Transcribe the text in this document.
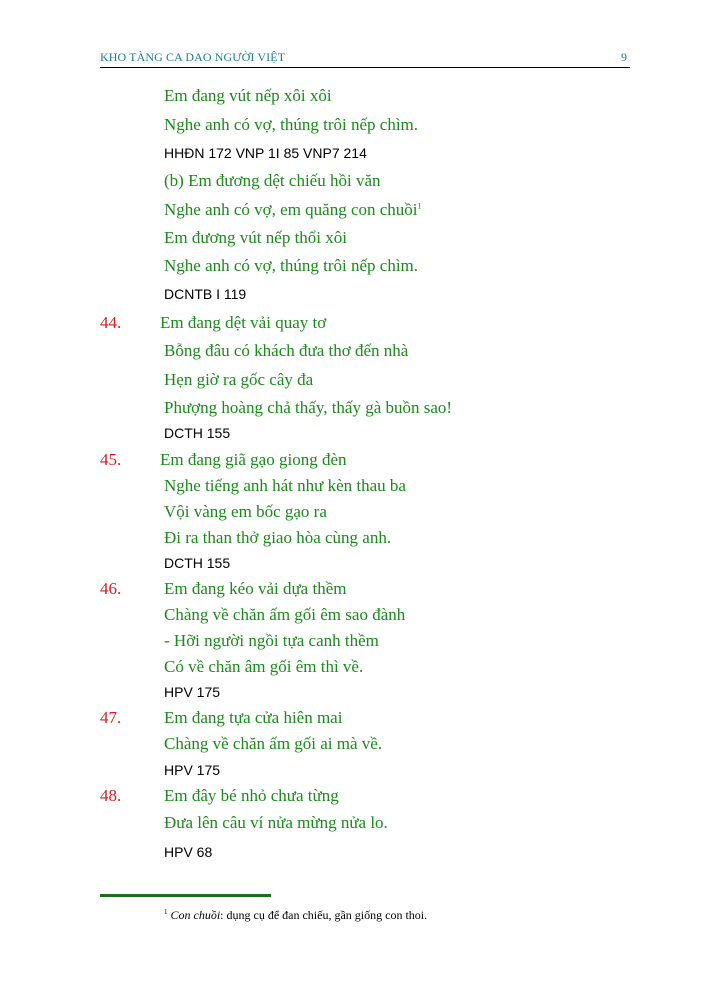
KHO TÀNG CA DAO NGƯỜI VIỆT	9
Em đang vút nếp xôi xôi
Nghe anh có vợ, thúng trôi nếp chìm.
HHĐN 172 VNP 1I 85 VNP7 214
(b) Em đương dệt chiếu hồi văn
Nghe anh có vợ, em quăng con chuồi$^1$
Em đương vút nếp thổi xôi
Nghe anh có vợ, thúng trôi nếp chìm.
DCNTB I 119
44. Em đang dệt vải quay tơ
Bỗng đâu có khách đưa thơ đến nhà
Hẹn giờ ra gốc cây đa
Phượng hoàng chả thấy, thấy gà buồn sao!
DCTH 155
45. Em đang giã gạo giong đèn
Nghe tiếng anh hát như kèn thau ba
Vội vàng em bốc gạo ra
Đi ra than thở giao hòa cùng anh.
DCTH 155
46.	Em đang kéo vải dựa thềm
Chàng về chăn ấm gối êm sao đành
- Hỡi người ngồi tựa canh thềm
Có về chăn âm gối êm thì về.
HPV 175
47.	Em đang tựa cửa hiên mai
Chàng về chăn ấm gối ai mà về.
HPV 175
48.	Em đây bé nhỏ chưa từng
Đưa lên câu ví nửa mừng nửa lo.
HPV 68
$^1$ Con chuồi: dụng cụ để đan chiếu, gần giống con thoi.
